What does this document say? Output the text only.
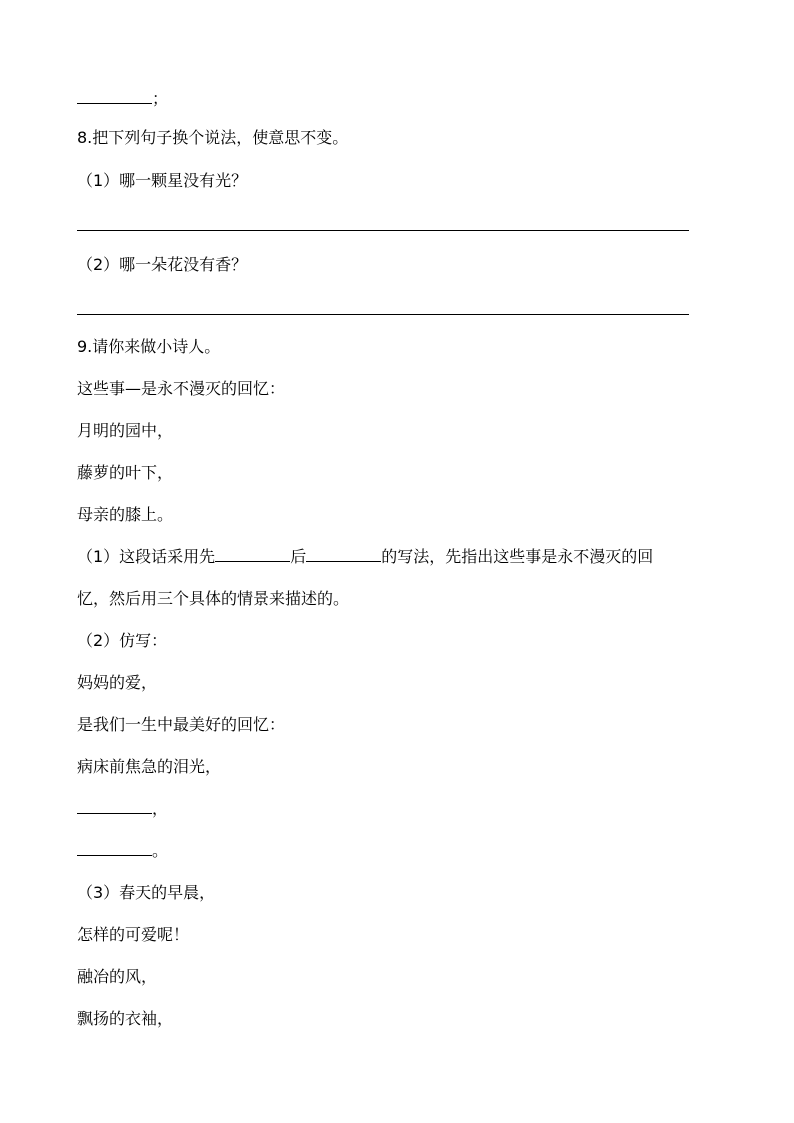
；
8.把下列句子换个说法，使意思不变。
（1）哪一颗星没有光？
（2）哪一朵花没有香？
9.请你来做小诗人。
这些事—是永不漫灭的回忆：
月明的园中，
藤萝的叶下，
母亲的膝上。
（1）这段话采用先	后	的写法，先指出这些事是永不漫灭的回
忆，然后用三个具体的情景来描述的。
（2）仿写：
妈妈的爱，
是我们一生中最美好的回忆：
病床前焦急的泪光，
，
。
（3）春天的早晨，
怎样的可爱呢！
融冶的风，
飘扬的衣袖，
